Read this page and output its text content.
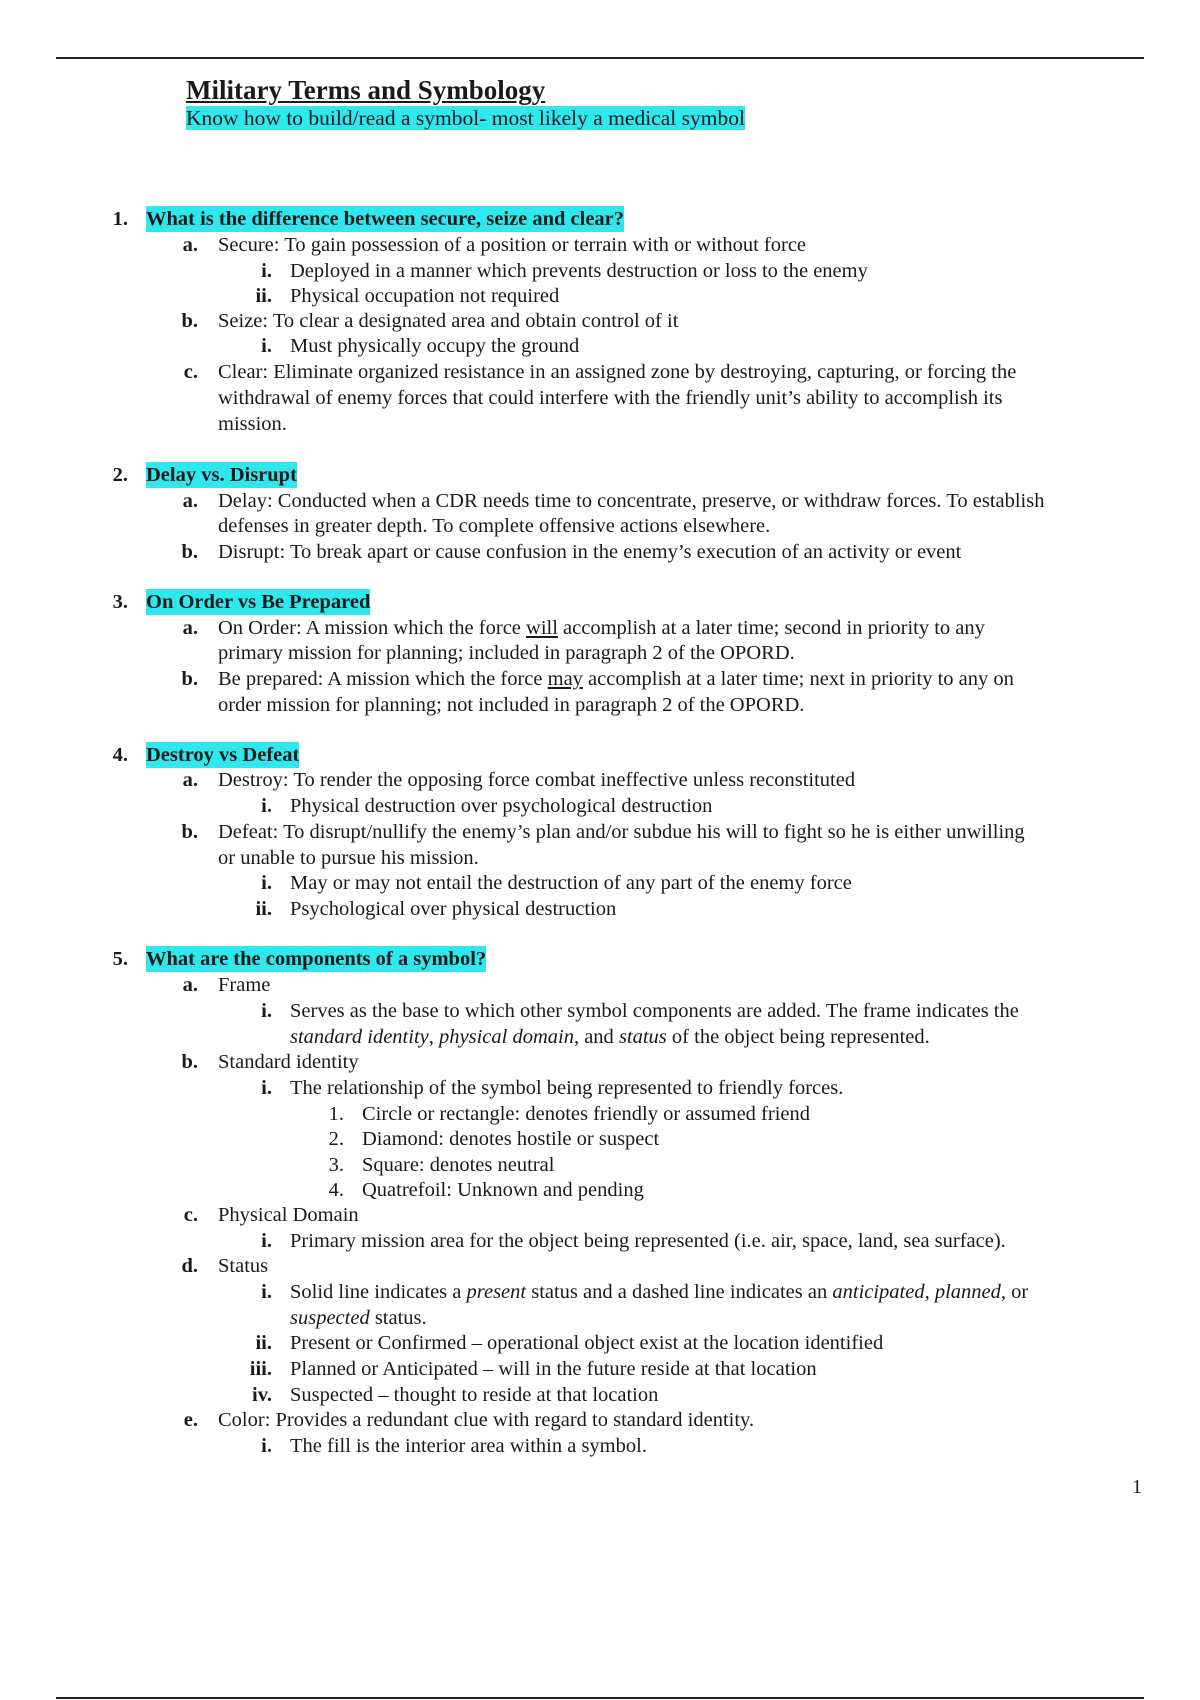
Military Terms and Symbology
Know how to build/read a symbol- most likely a medical symbol
1. What is the difference between secure, seize and clear?
a. Secure: To gain possession of a position or terrain with or without force
i. Deployed in a manner which prevents destruction or loss to the enemy
ii. Physical occupation not required
b. Seize: To clear a designated area and obtain control of it
i. Must physically occupy the ground
c. Clear: Eliminate organized resistance in an assigned zone by destroying, capturing, or forcing the
withdrawal of enemy forces that could interfere with the friendly unit’s ability to accomplish its
mission.
2. Delay vs. Disrupt
a. Delay: Conducted when a CDR needs time to concentrate, preserve, or withdraw forces. To establish
defenses in greater depth. To complete offensive actions elsewhere.
b. Disrupt: To break apart or cause confusion in the enemy’s execution of an activity or event
3. On Order vs Be Prepared
a. On Order: A mission which the force will accomplish at a later time; second in priority to any
primary mission for planning; included in paragraph 2 of the OPORD.
b. Be prepared: A mission which the force may accomplish at a later time; next in priority to any on
order mission for planning; not included in paragraph 2 of the OPORD.
4. Destroy vs Defeat
a. Destroy: To render the opposing force combat ineffective unless reconstituted
i. Physical destruction over psychological destruction
b. Defeat: To disrupt/nullify the enemy’s plan and/or subdue his will to fight so he is either unwilling
or unable to pursue his mission.
i. May or may not entail the destruction of any part of the enemy force
ii. Psychological over physical destruction
5. What are the components of a symbol?
a. Frame
i. Serves as the base to which other symbol components are added. The frame indicates the
standard identity, physical domain, and status of the object being represented.
b. Standard identity
i. The relationship of the symbol being represented to friendly forces.
1. Circle or rectangle: denotes friendly or assumed friend
2. Diamond: denotes hostile or suspect
3. Square: denotes neutral
4. Quatrefoil: Unknown and pending
c. Physical Domain
i. Primary mission area for the object being represented (i.e. air, space, land, sea surface).
d. Status
i. Solid line indicates a present status and a dashed line indicates an anticipated, planned, or
suspected status.
ii. Present or Confirmed – operational object exist at the location identified
iii. Planned or Anticipated – will in the future reside at that location
iv. Suspected – thought to reside at that location
e. Color: Provides a redundant clue with regard to standard identity.
i. The fill is the interior area within a symbol.
1
